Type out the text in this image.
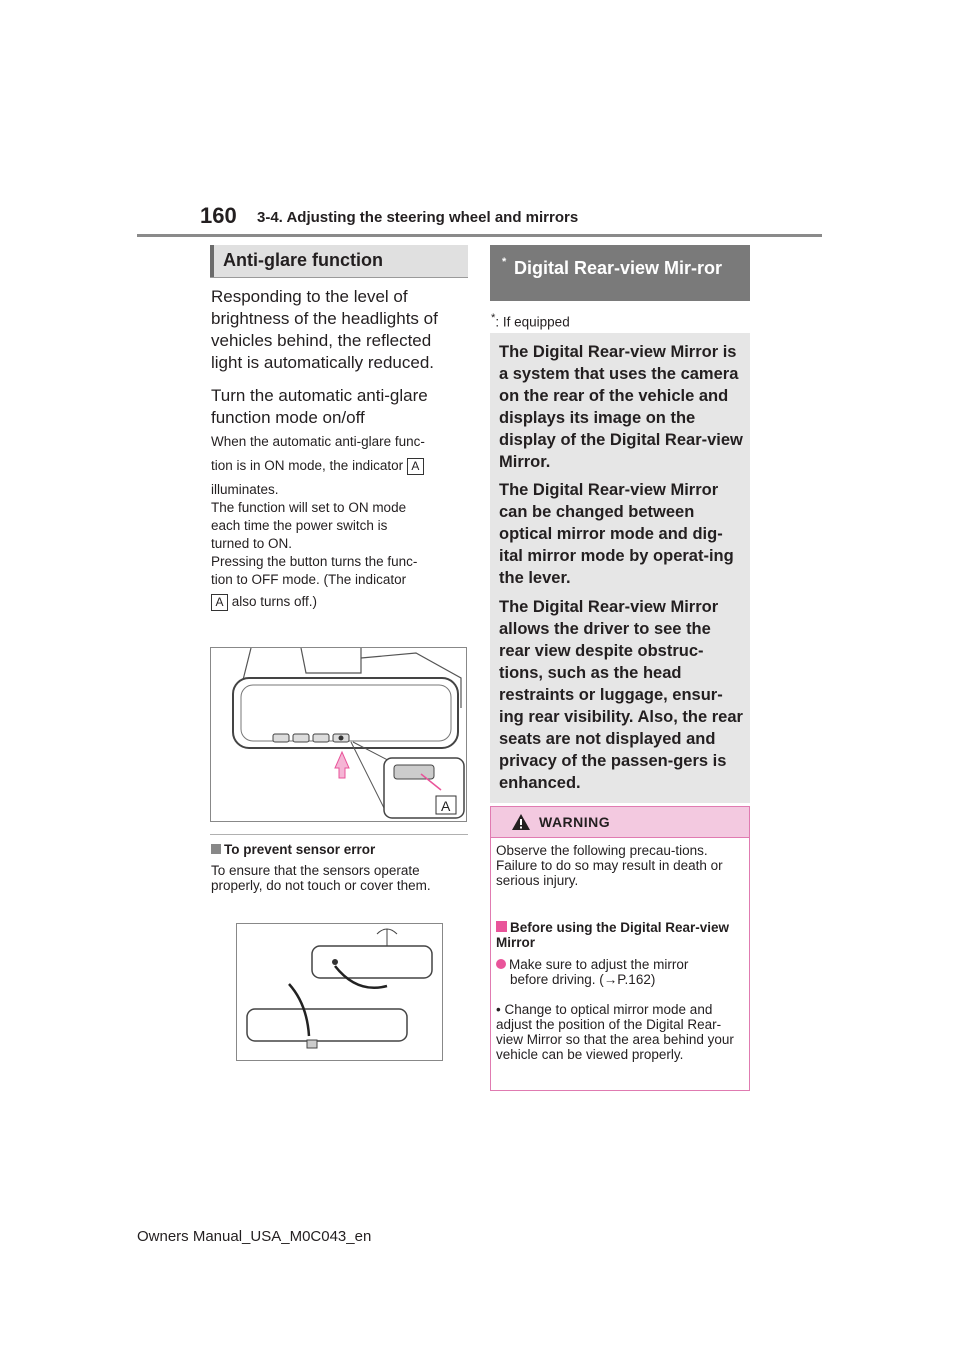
160 3-4. Adjusting the steering wheel and mirrors
Anti-glare function
Responding to the level of brightness of the headlights of vehicles behind, the reflected light is automatically reduced.
Turn the automatic anti-glare function mode on/off
When the automatic anti-glare func-
tion is in ON mode, the indicator A
illuminates.
The function will set to ON mode
each time the power switch is
turned to ON.
Pressing the button turns the func-
tion to OFF mode. (The indicator
A also turns off.)
A
To prevent sensor error
To ensure that the sensors operate properly, do not touch or cover them.
Digital Rear-view Mir-ror
*
*: If equipped

The Digital Rear-view Mirror is a system that uses the camera on the rear of the vehicle and displays its image on the display of the Digital Rear-view Mirror.

The Digital Rear-view Mirror can be changed between optical mirror mode and dig-ital mirror mode by operat-ing the lever.

The Digital Rear-view Mirror allows the driver to see the rear view despite obstruc-tions, such as the head restraints or luggage, ensur-ing rear visibility. Also, the rear seats are not displayed and privacy of the passen-gers is enhanced.

WARNING
Observe the following precau-tions. Failure to do so may result in death or serious injury.
Before using the Digital Rear-view Mirror
Make sure to adjust the mirror
before driving. (→P.162)
• Change to optical mirror mode and adjust the position of the Digital Rear-view Mirror so that the area behind your vehicle can be viewed properly.
Owners Manual_USA_M0C043_en
